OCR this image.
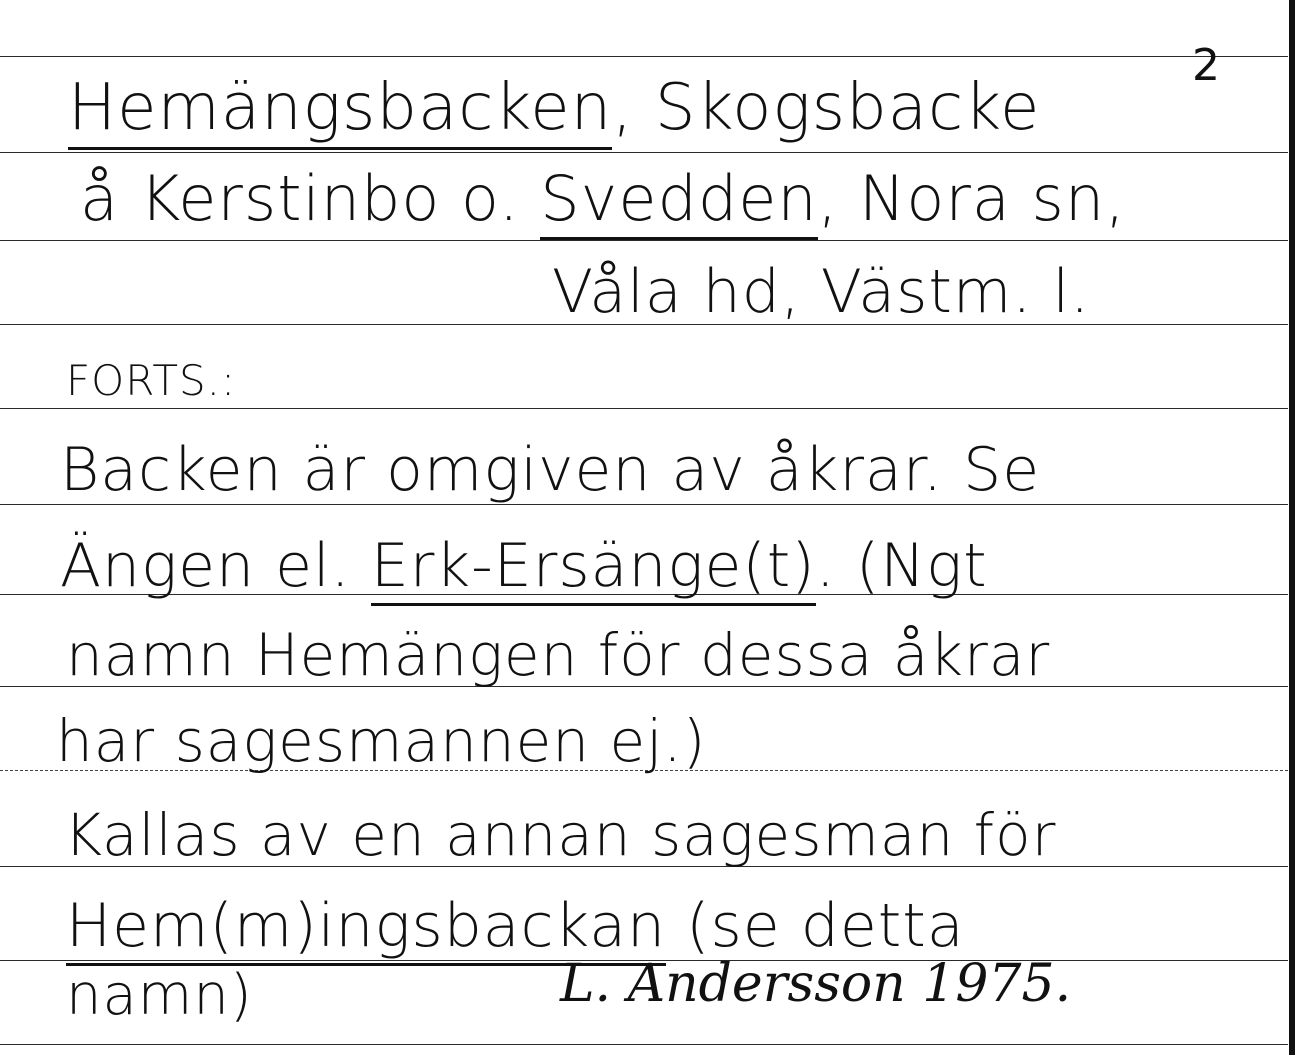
2
Hemängsbacken, Skogsbacke
å Kerstinbo o. Svedden, Nora sn,
Våla hd, Västm. l.
FORTS.:
Backen är omgiven av åkrar. Se
Ängen el. Erk-Ersänge(t). (Ngt
namn Hemängen för dessa åkrar
har sagesmannen ej.)
Kallas av en annan sagesman för
Hem(m)ingsbackan (se detta
namn)	L. Andersson 1975.
